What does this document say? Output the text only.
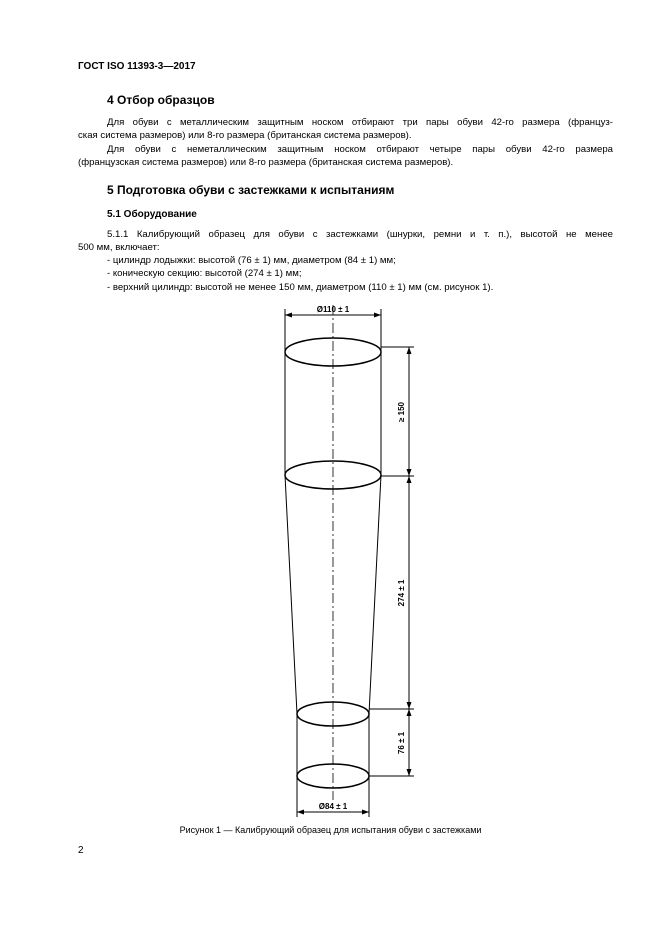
ГОСТ ISO 11393-3—2017
4 Отбор образцов
Для обуви с металлическим защитным носком отбирают три пары обуви 42-го размера (француз-
ская система размеров) или 8-го размера (британская система размеров).
Для обуви с неметаллическим защитным носком отбирают четыре пары обуви 42-го размера
(французская система размеров) или 8-го размера (британская система размеров).
5 Подготовка обуви с застежками к испытаниям
5.1 Оборудование
5.1.1 Калибрующий образец для обуви с застежками (шнурки, ремни и т. п.), высотой не менее
500 мм, включает:
- цилиндр лодыжки: высотой (76 ± 1) мм, диаметром (84 ± 1) мм;
- коническую секцию: высотой (274 ± 1) мм;
- верхний цилиндр: высотой не менее 150 мм, диаметром (110 ± 1) мм (см. рисунок 1).
Ø110 ± 1
Ø84 ± 1
≥ 150
274 ± 1
76 ± 1
Рисунок 1 — Калибрующий образец для испытания обуви с застежками
2
